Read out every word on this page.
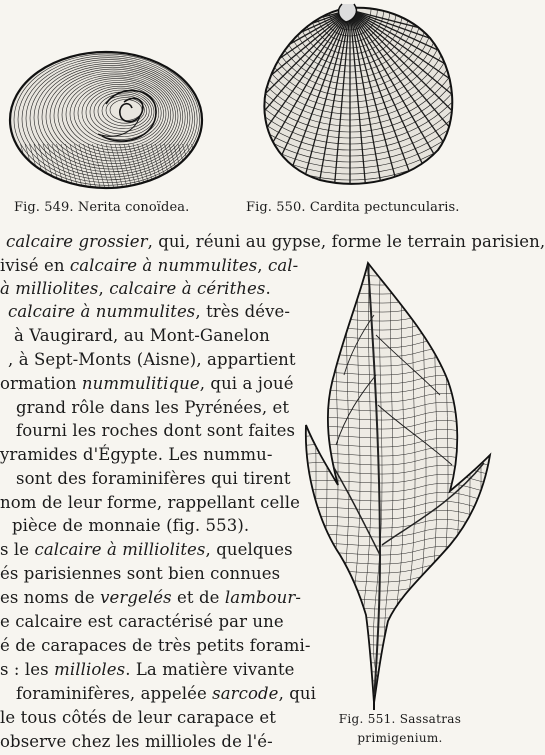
Fig. 549. Nerita conoïdea.	Fig. 550. Cardita pectuncularis.
Fig. 551. Sassatras
primigenium.
calcaire grossier, qui, réuni au gypse, forme le terrain parisien,
ivisé en calcaire à nummulites, cal-
à milliolites, calcaire à cérithes.
calcaire à nummulites, très déve-
à Vaugirard, au Mont-Ganelon
, à Sept-Monts (Aisne), appartient
ormation nummulitique, qui a joué
grand rôle dans les Pyrénées, et
fourni les roches dont sont faites
yramides d'Égypte. Les nummu-
sont des foraminifères qui tirent
nom de leur forme, rappellant celle
pièce de monnaie (fig. 553).
s le calcaire à milliolites, quelques
és parisiennes sont bien connues
es noms de vergelés et de lambour-
e calcaire est caractérisé par une
é de carapaces de très petits forami-
s : les millioles. La matière vivante
foraminifères, appelée sarcode, qui
le tous côtés de leur carapace et
observe chez les millioles de l'é-
